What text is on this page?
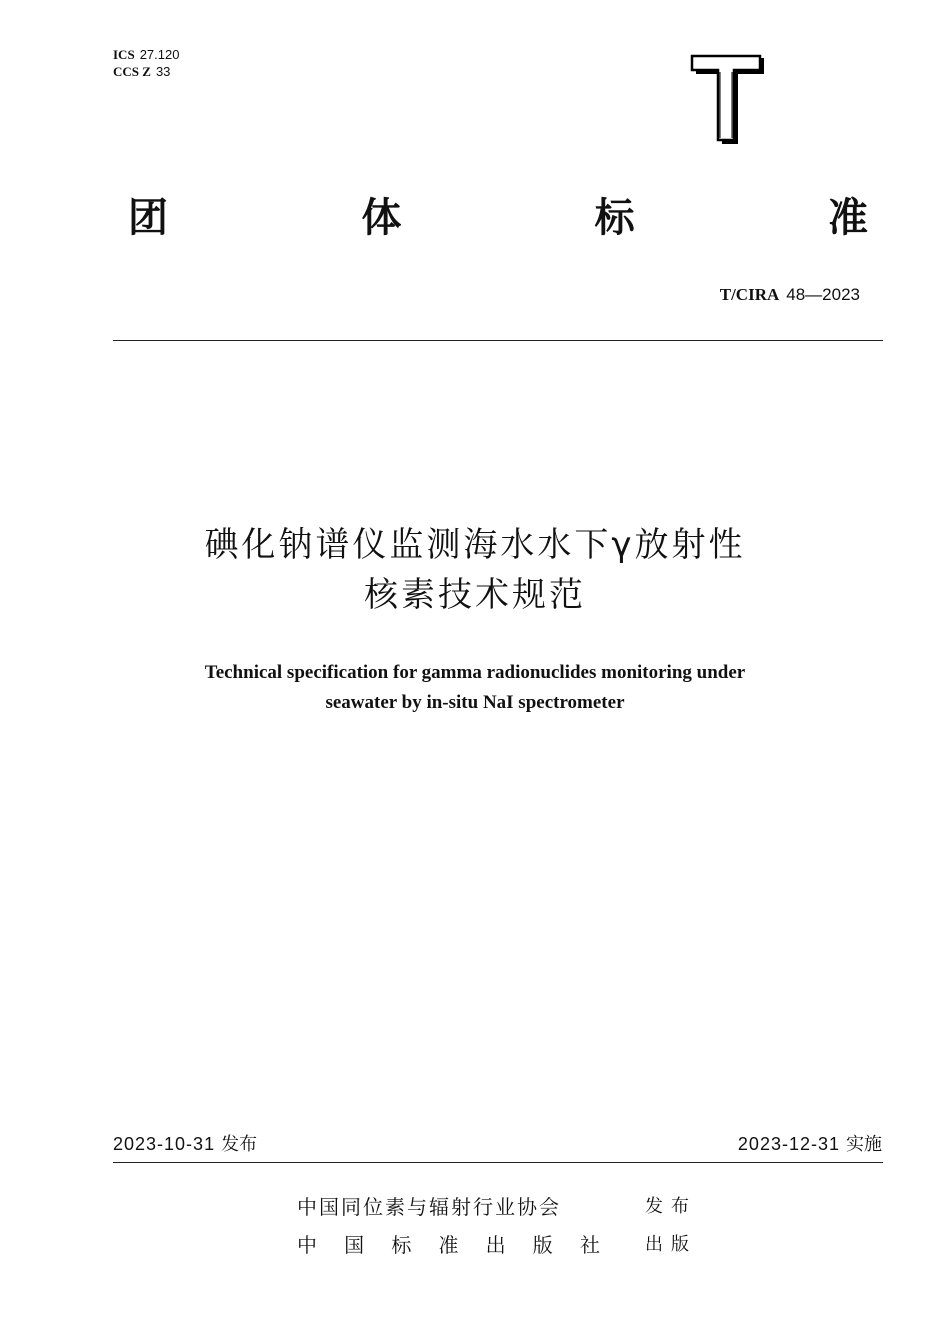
ICS 27.120
CCS Z 33
团	体	标	准
T/CIRA 48—2023
碘化钠谱仪监测海水水下γ放射性
核素技术规范
Technical specification for gamma radionuclides monitoring under
seawater by in-situ NaI spectrometer
2023-10-31 发布	2023-12-31 实施
中国同位素与辐射行业协会	发布
中 国 标 准 出 版 社	出版
